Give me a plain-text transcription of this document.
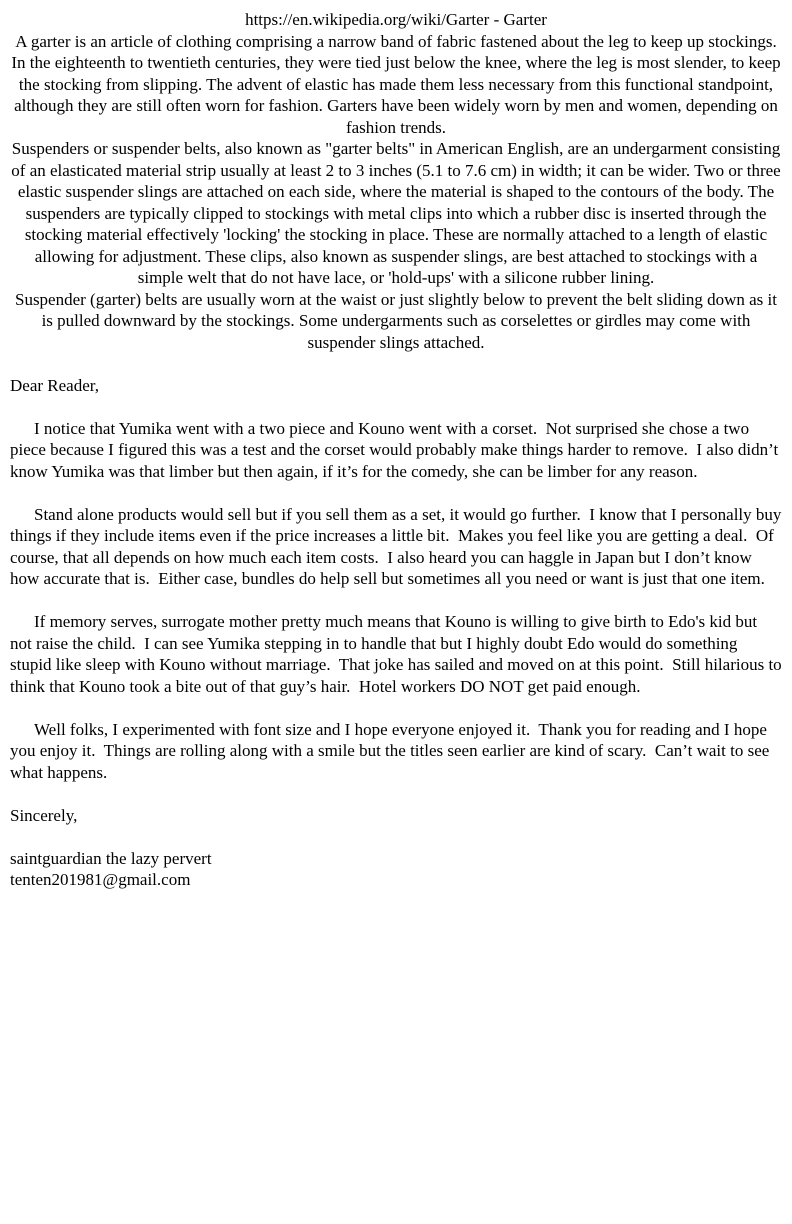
https://en.wikipedia.org/wiki/Garter - Garter

A garter is an article of clothing comprising a narrow band of fabric fastened about the leg to keep up stockings. In the eighteenth to twentieth centuries, they were tied just below the knee, where the leg is most slender, to keep the stocking from slipping. The advent of elastic has made them less necessary from this functional standpoint, although they are still often worn for fashion. Garters have been widely worn by men and women, depending on fashion trends.

Suspenders or suspender belts, also known as "garter belts" in American English, are an undergarment consisting of an elasticated material strip usually at least 2 to 3 inches (5.1 to 7.6 cm) in width; it can be wider. Two or three elastic suspender slings are attached on each side, where the material is shaped to the contours of the body. The suspenders are typically clipped to stockings with metal clips into which a rubber disc is inserted through the stocking material effectively 'locking' the stocking in place. These are normally attached to a length of elastic allowing for adjustment. These clips, also known as suspender slings, are best attached to stockings with a simple welt that do not have lace, or 'hold-ups' with a silicone rubber lining.

Suspender (garter) belts are usually worn at the waist or just slightly below to prevent the belt sliding down as it is pulled downward by the stockings. Some undergarments such as corselettes or girdles may come with suspender slings attached.

Dear Reader,

I notice that Yumika went with a two piece and Kouno went with a corset.  Not surprised she chose a two piece because I figured this was a test and the corset would probably make things harder to remove.  I also didn’t know Yumika was that limber but then again, if it’s for the comedy, she can be limber for any reason.

Stand alone products would sell but if you sell them as a set, it would go further.  I know that I personally buy things if they include items even if the price increases a little bit.  Makes you feel like you are getting a deal.  Of course, that all depends on how much each item costs.  I also heard you can haggle in Japan but I don’t know how accurate that is.  Either case, bundles do help sell but sometimes all you need or want is just that one item.

If memory serves, surrogate mother pretty much means that Kouno is willing to give birth to Edo's kid but not raise the child.  I can see Yumika stepping in to handle that but I highly doubt Edo would do something stupid like sleep with Kouno without marriage.  That joke has sailed and moved on at this point.  Still hilarious to think that Kouno took a bite out of that guy’s hair.  Hotel workers DO NOT get paid enough.

Well folks, I experimented with font size and I hope everyone enjoyed it.  Thank you for reading and I hope you enjoy it.  Things are rolling along with a smile but the titles seen earlier are kind of scary.  Can’t wait to see what happens.

Sincerely,

saintguardian the lazy pervert

tenten201981@gmail.com
